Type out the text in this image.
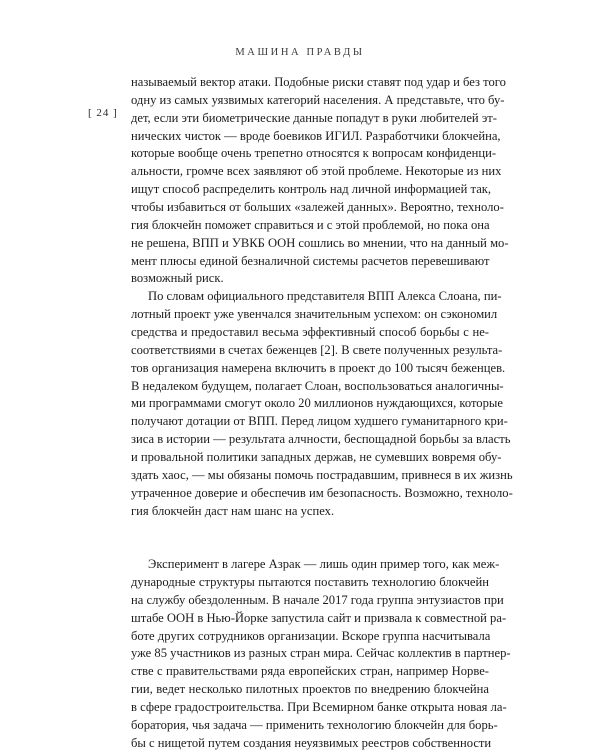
МАШИНА ПРАВДЫ
[ 24 ]
называемый вектор атаки. Подобные риски ставят под удар и без того
одну из самых уязвимых категорий населения. А представьте, что бу-
дет, если эти биометрические данные попадут в руки любителей эт-
нических чисток — вроде боевиков ИГИЛ. Разработчики блокчейна,
которые вообще очень трепетно относятся к вопросам конфиденци-
альности, громче всех заявляют об этой проблеме. Некоторые из них
ищут способ распределить контроль над личной информацией так,
чтобы избавиться от больших «залежей данных». Вероятно, техноло-
гия блокчейн поможет справиться и с этой проблемой, но пока она
не решена, ВПП и УВКБ ООН сошлись во мнении, что на данный мо-
мент плюсы единой безналичной системы расчетов перевешивают
возможный риск.
По словам официального представителя ВПП Алекса Слоана, пи-
лотный проект уже увенчался значительным успехом: он сэкономил
средства и предоставил весьма эффективный способ борьбы с не-
соответствиями в счетах беженцев [2]. В свете полученных результа-
тов организация намерена включить в проект до 100 тысяч беженцев.
В недалеком будущем, полагает Слоан, воспользоваться аналогичны-
ми программами смогут около 20 миллионов нуждающихся, которые
получают дотации от ВПП. Перед лицом худшего гуманитарного кри-
зиса в истории — результата алчности, беспощадной борьбы за власть
и провальной политики западных держав, не сумевших вовремя обу-
здать хаос, — мы обязаны помочь пострадавшим, привнеся в их жизнь
утраченное доверие и обеспечив им безопасность. Возможно, техноло-
гия блокчейн даст нам шанс на успех.
Эксперимент в лагере Азрак — лишь один пример того, как меж-
дународные структуры пытаются поставить технологию блокчейн
на службу обездоленным. В начале 2017 года группа энтузиастов при
штабе ООН в Нью-Йорке запустила сайт и призвала к совместной ра-
боте других сотрудников организации. Вскоре группа насчитывала
уже 85 участников из разных стран мира. Сейчас коллектив в партнер-
стве с правительствами ряда европейских стран, например Норве-
гии, ведет несколько пилотных проектов по внедрению блокчейна
в сфере градостроительства. При Всемирном банке открыта новая ла-
боратория, чья задача — применить технологию блокчейн для борь-
бы с нищетой путем создания неуязвимых реестров собственности
